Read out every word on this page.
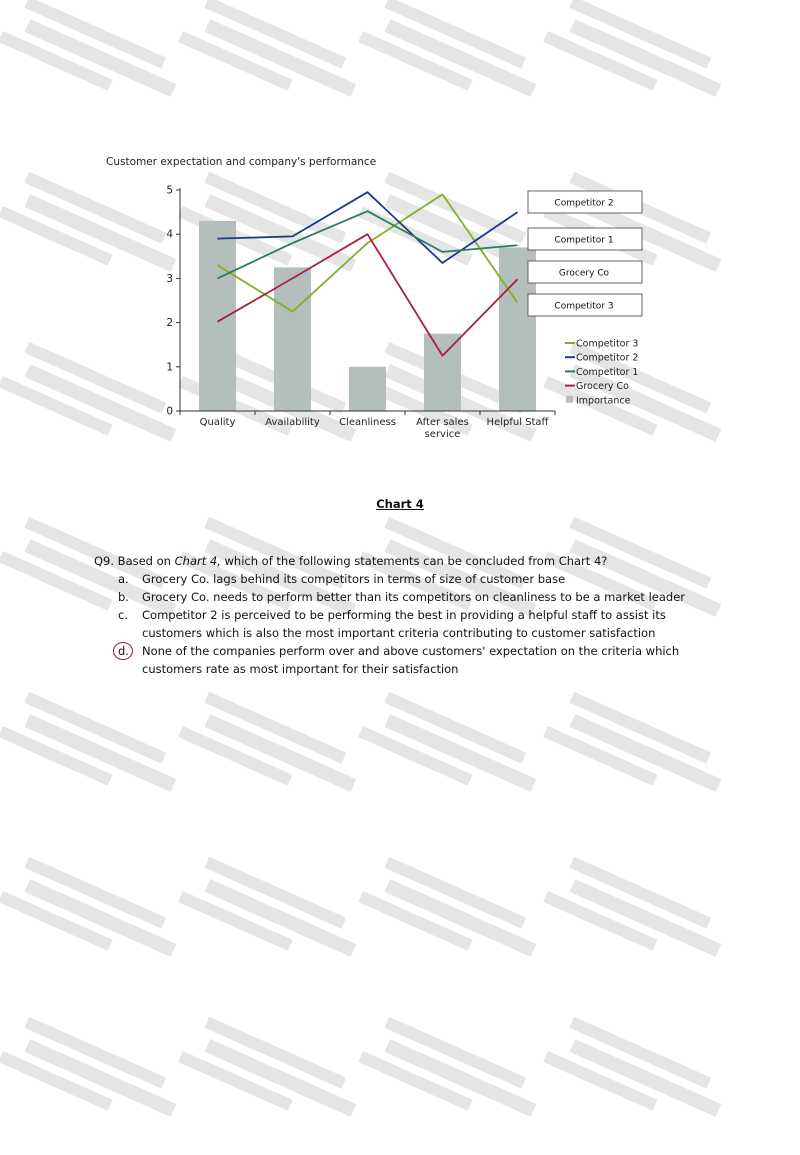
Customer expectation and company's performance
0
1
2
3
4
5
Quality	Availability Cleanliness After sales
service
Helpful Staff
Competitor 2
Competitor 1
Grocery Co
Competitor 3
Competitor 3
Competitor 2
Competitor 1
Grocery Co
Importance
Chart 4

Q9. Based on Chart 4, which of the following statements can be concluded from Chart 4?

a. Grocery Co. lags behind its competitors in terms of size of customer base
b. Grocery Co. needs to perform better than its competitors on cleanliness to be a market leader
c. Competitor 2 is perceived to be performing the best in providing a helpful staff to assist its customers which is also the most important criteria contributing to customer satisfaction
d. None of the companies perform over and above customers' expectation on the criteria which customers rate as most important for their satisfaction
